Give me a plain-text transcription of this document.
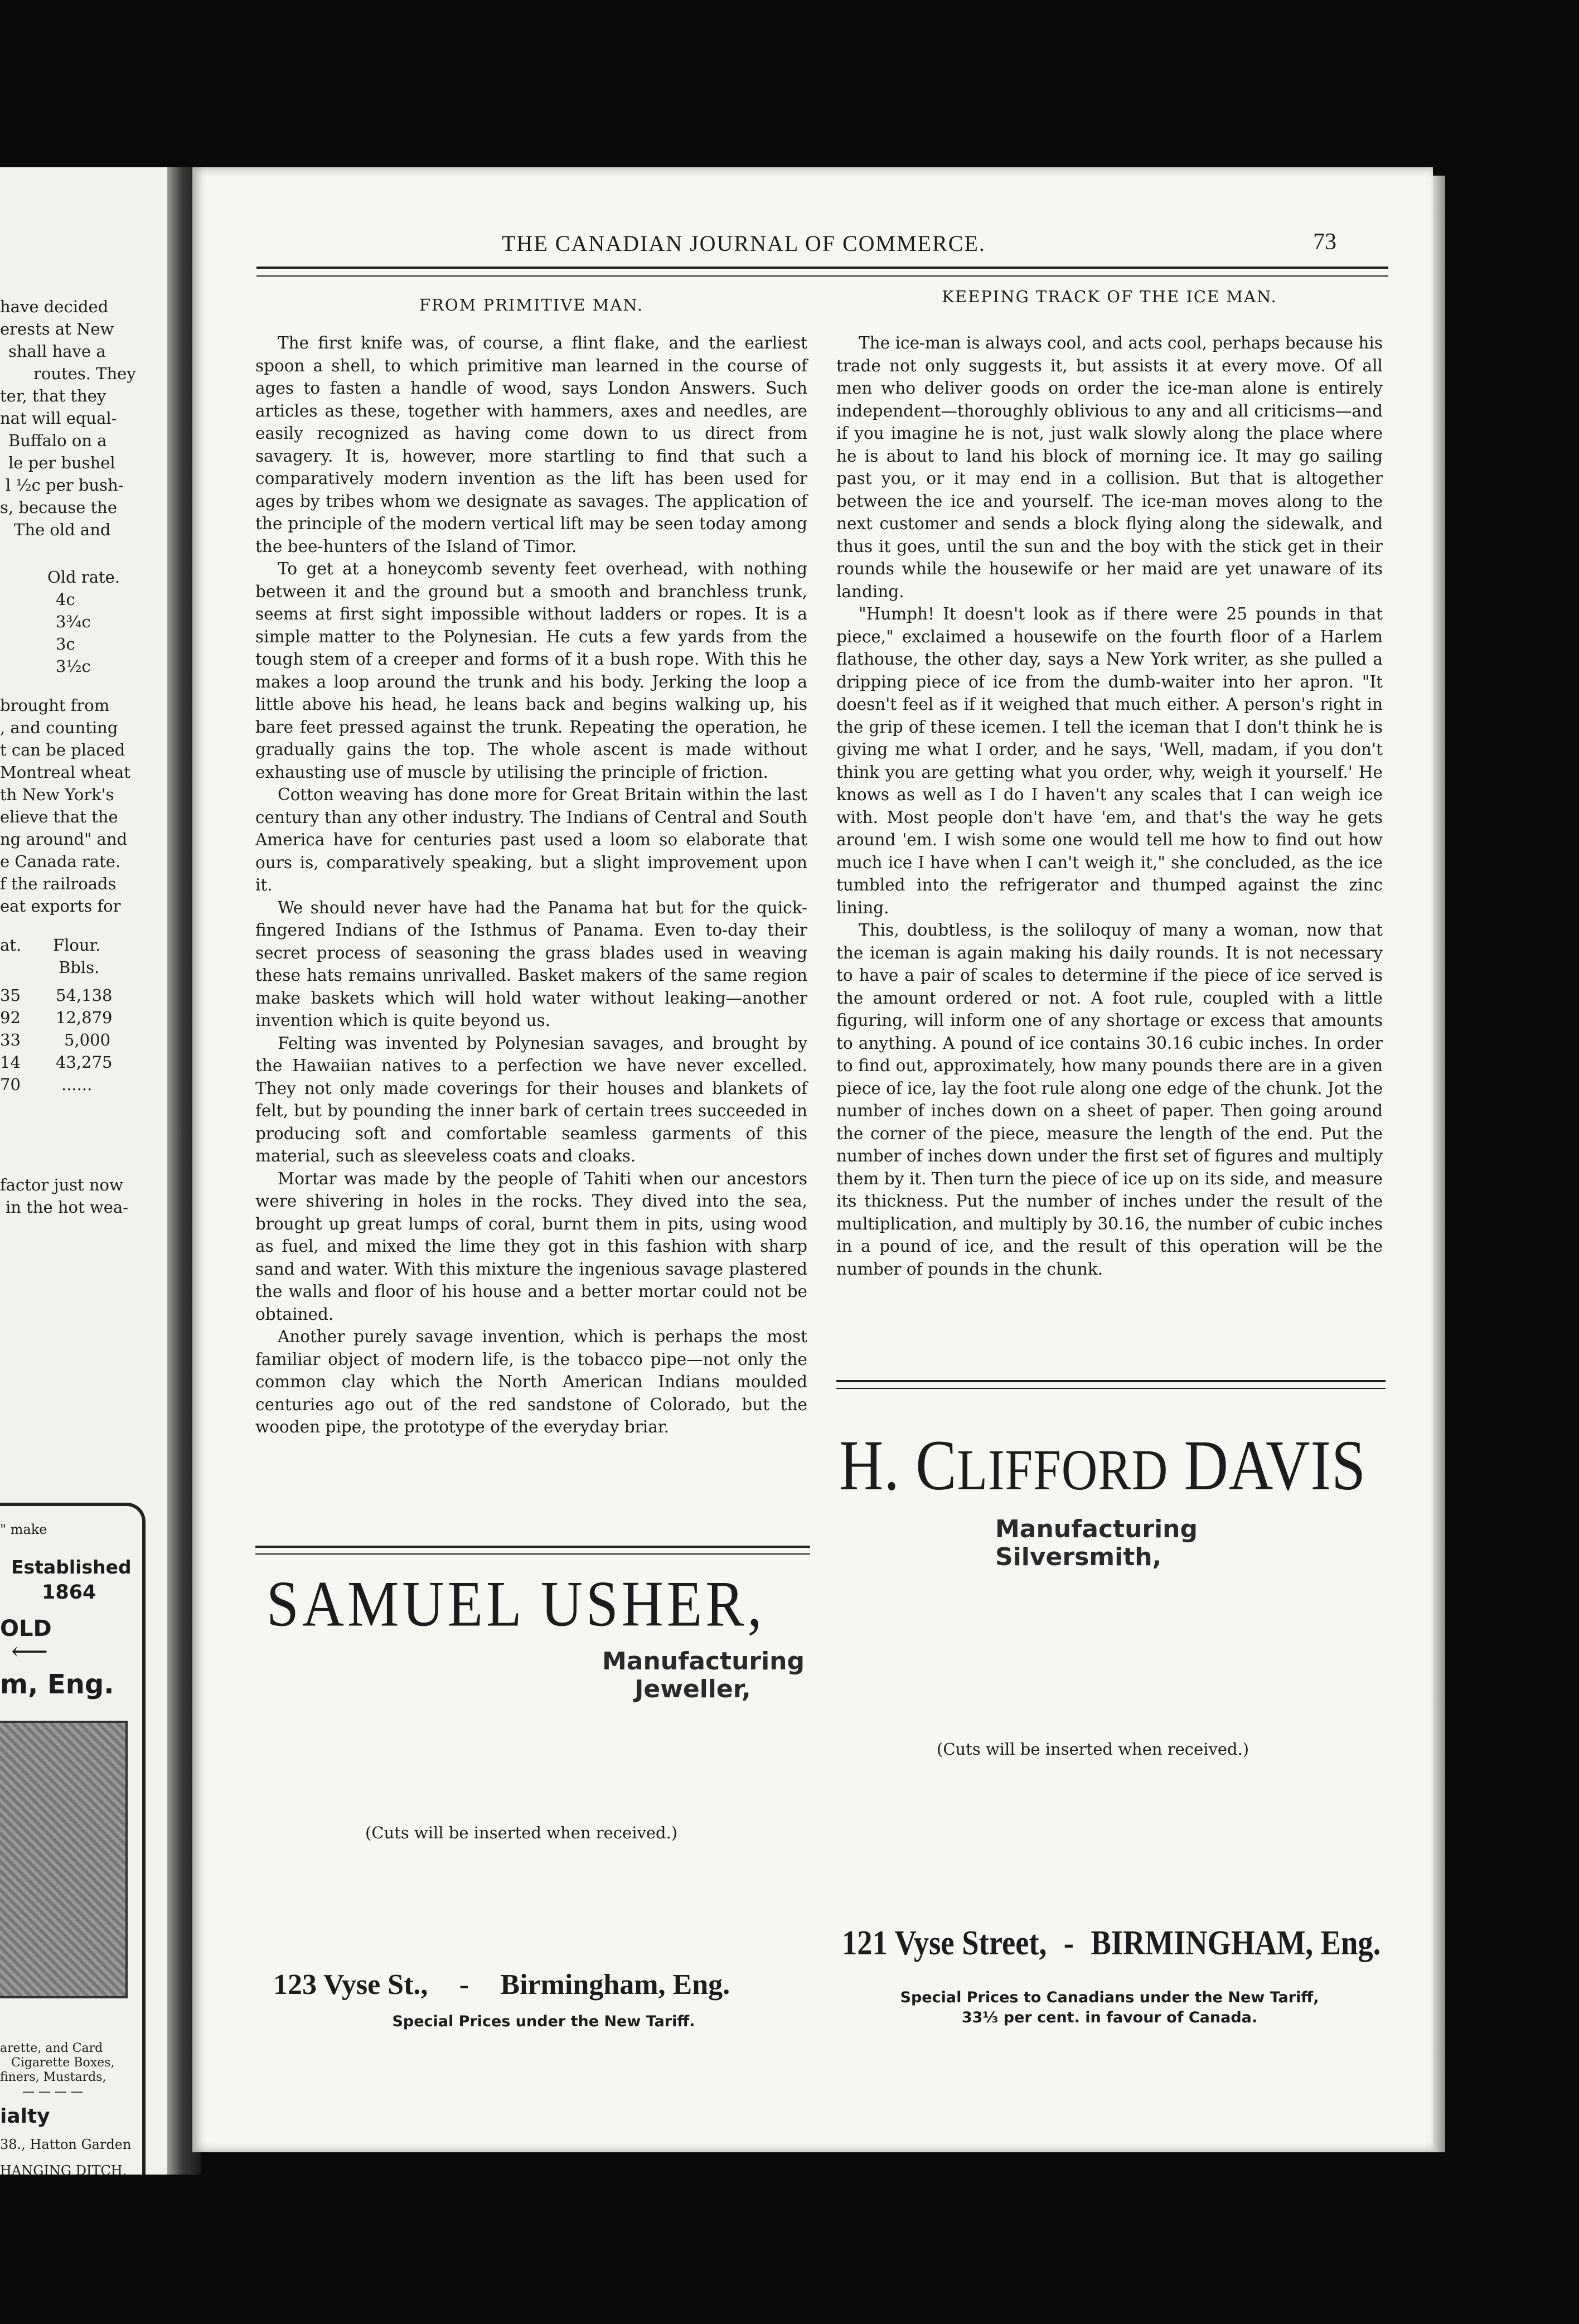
have decided
erests at New
shall have a
routes. They
ter, that they
nat will equal-
Buffalo on a
le per bushel
l ½c per bush-
s, because the
The old and
Old rate.
4c
3¾c
3c
3½c
brought from
, and counting
t can be placed
Montreal wheat
th New York's
elieve that the
ng around" and
e Canada rate.
f the railroads
eat exports for
at. Flour.
Bbls.
35 54,138
92 12,879
33	5,000
14 43,275
70	......
factor just now
in the hot wea-
" make
Established
1864
OLD
⟵
m, Eng.
arette, and Card
Cigarette Boxes,
finers, Mustards,
— — — —
ialty
38., Hatton Garden
HANGING DITCH.
THE CANADIAN JOURNAL OF COMMERCE.	73
FROM PRIMITIVE MAN.

The first knife was, of course, a flint flake, and the earliest spoon a shell, to which primitive man learned in the course of ages to fasten a handle of wood, says London Answers. Such articles as these, together with hammers, axes and needles, are easily recognized as having come down to us direct from savagery. It is, however, more startling to find that such a comparatively modern invention as the lift has been used for ages by tribes whom we designate as savages. The application of the principle of the modern vertical lift may be seen today among the bee-hunters of the Island of Timor.

To get at a honeycomb seventy feet overhead, with nothing between it and the ground but a smooth and branchless trunk, seems at first sight impossible without ladders or ropes. It is a simple matter to the Polynesian. He cuts a few yards from the tough stem of a creeper and forms of it a bush rope. With this he makes a loop around the trunk and his body. Jerking the loop a little above his head, he leans back and begins walking up, his bare feet pressed against the trunk. Repeating the operation, he gradually gains the top. The whole ascent is made without exhausting use of muscle by utilising the principle of friction.

Cotton weaving has done more for Great Britain within the last century than any other industry. The Indians of Central and South America have for centuries past used a loom so elaborate that ours is, comparatively speaking, but a slight improvement upon it.

We should never have had the Panama hat but for the quick-fingered Indians of the Isthmus of Panama. Even to-day their secret process of seasoning the grass blades used in weaving these hats remains unrivalled. Basket makers of the same region make baskets which will hold water without leaking—another invention which is quite beyond us.

Felting was invented by Polynesian savages, and brought by the Hawaiian natives to a perfection we have never excelled. They not only made coverings for their houses and blankets of felt, but by pounding the inner bark of certain trees succeeded in producing soft and comfortable seamless garments of this material, such as sleeveless coats and cloaks.

Mortar was made by the people of Tahiti when our ancestors were shivering in holes in the rocks. They dived into the sea, brought up great lumps of coral, burnt them in pits, using wood as fuel, and mixed the lime they got in this fashion with sharp sand and water. With this mixture the ingenious savage plastered the walls and floor of his house and a better mortar could not be obtained.

Another purely savage invention, which is perhaps the most familiar object of modern life, is the tobacco pipe—not only the common clay which the North American Indians moulded centuries ago out of the red sandstone of Colorado, but the wooden pipe, the prototype of the everyday briar.

KEEPING TRACK OF THE ICE MAN.

The ice-man is always cool, and acts cool, perhaps because his trade not only suggests it, but assists it at every move. Of all men who deliver goods on order the ice-man alone is entirely independent—thoroughly oblivious to any and all criticisms—and if you imagine he is not, just walk slowly along the place where he is about to land his block of morning ice. It may go sailing past you, or it may end in a collision. But that is altogether between the ice and yourself. The ice-man moves along to the next customer and sends a block flying along the sidewalk, and thus it goes, until the sun and the boy with the stick get in their rounds while the housewife or her maid are yet unaware of its landing.

"Humph! It doesn't look as if there were 25 pounds in that piece," exclaimed a housewife on the fourth floor of a Harlem flathouse, the other day, says a New York writer, as she pulled a dripping piece of ice from the dumb-waiter into her apron. "It doesn't feel as if it weighed that much either. A person's right in the grip of these icemen. I tell the iceman that I don't think he is giving me what I order, and he says, 'Well, madam, if you don't think you are getting what you order, why, weigh it yourself.' He knows as well as I do I haven't any scales that I can weigh ice with. Most people don't have 'em, and that's the way he gets around 'em. I wish some one would tell me how to find out how much ice I have when I can't weigh it," she concluded, as the ice tumbled into the refrigerator and thumped against the zinc lining.

This, doubtless, is the soliloquy of many a woman, now that the iceman is again making his daily rounds. It is not necessary to have a pair of scales to determine if the piece of ice served is the amount ordered or not. A foot rule, coupled with a little figuring, will inform one of any shortage or excess that amounts to anything. A pound of ice contains 30.16 cubic inches. In order to find out, approximately, how many pounds there are in a given piece of ice, lay the foot rule along one edge of the chunk. Jot the number of inches down on a sheet of paper. Then going around the corner of the piece, measure the length of the end. Put the number of inches down under the first set of figures and multiply them by it. Then turn the piece of ice up on its side, and measure its thickness. Put the number of inches under the result of the multiplication, and multiply by 30.16, the number of cubic inches in a pound of ice, and the result of this operation will be the number of pounds in the chunk.

SAMUEL USHER,
Manufacturing
Jeweller,
(Cuts will be inserted when received.)
123 Vyse St., - Birmingham, Eng.
Special Prices under the New Tariff.
H. CLIFFORD DAVIS
Manufacturing
Silversmith,
(Cuts will be inserted when received.)
121 Vyse Street, - BIRMINGHAM, Eng.
Special Prices to Canadians under the New Tariff,
33⅓ per cent. in favour of Canada.
